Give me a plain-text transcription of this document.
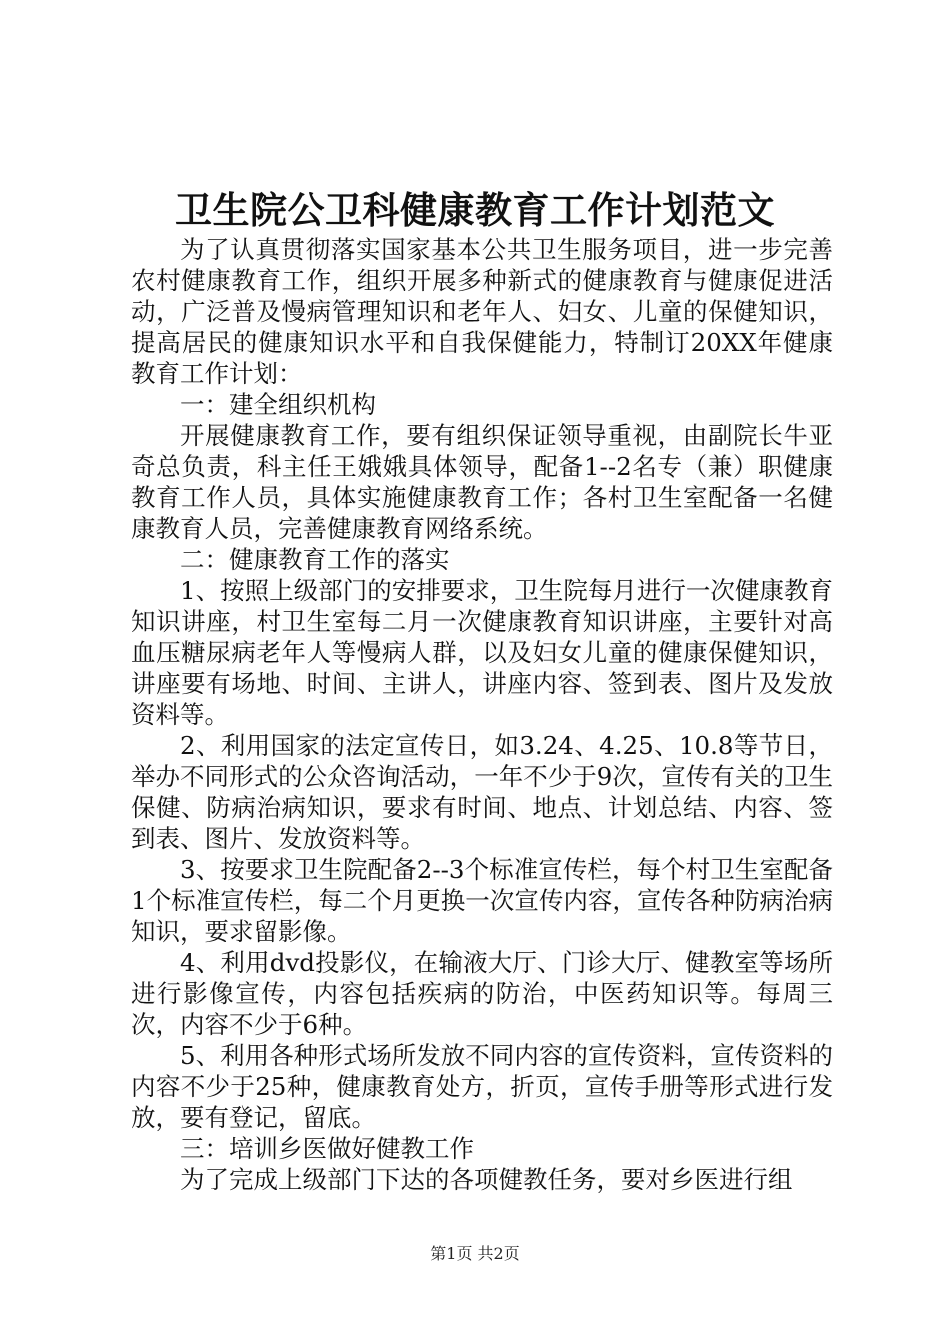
卫生院公卫科健康教育工作计划范文

为了认真贯彻落实国家基本公共卫生服务项目，进一步完善农村健康教育工作，组织开展多种新式的健康教育与健康促进活动，广泛普及慢病管理知识和老年人、妇女、儿童的保健知识，提高居民的健康知识水平和自我保健能力，特制订20XX年健康教育工作计划：

一：建全组织机构

开展健康教育工作，要有组织保证领导重视，由副院长牛亚奇总负责，科主任王娥娥具体领导，配备1--2名专（兼）职健康教育工作人员，具体实施健康教育工作；各村卫生室配备一名健康教育人员，完善健康教育网络系统。

二：健康教育工作的落实

1、按照上级部门的安排要求，卫生院每月进行一次健康教育知识讲座，村卫生室每二月一次健康教育知识讲座，主要针对高血压糖尿病老年人等慢病人群，以及妇女儿童的健康保健知识，讲座要有场地、时间、主讲人，讲座内容、签到表、图片及发放资料等。

2、利用国家的法定宣传日，如3.24、4.25、10.8等节日，举办不同形式的公众咨询活动，一年不少于9次，宣传有关的卫生保健、防病治病知识，要求有时间、地点、计划总结、内容、签到表、图片、发放资料等。

3、按要求卫生院配备2--3个标准宣传栏，每个村卫生室配备1个标准宣传栏，每二个月更换一次宣传内容，宣传各种防病治病知识，要求留影像。

4、利用dvd投影仪，在输液大厅、门诊大厅、健教室等场所进行影像宣传，内容包括疾病的防治，中医药知识等。每周三次，内容不少于6种。

5、利用各种形式场所发放不同内容的宣传资料，宣传资料的内容不少于25种，健康教育处方，折页，宣传手册等形式进行发放，要有登记，留底。

三：培训乡医做好健教工作

为了完成上级部门下达的各项健教任务，要对乡医进行组

第1页 共2页
